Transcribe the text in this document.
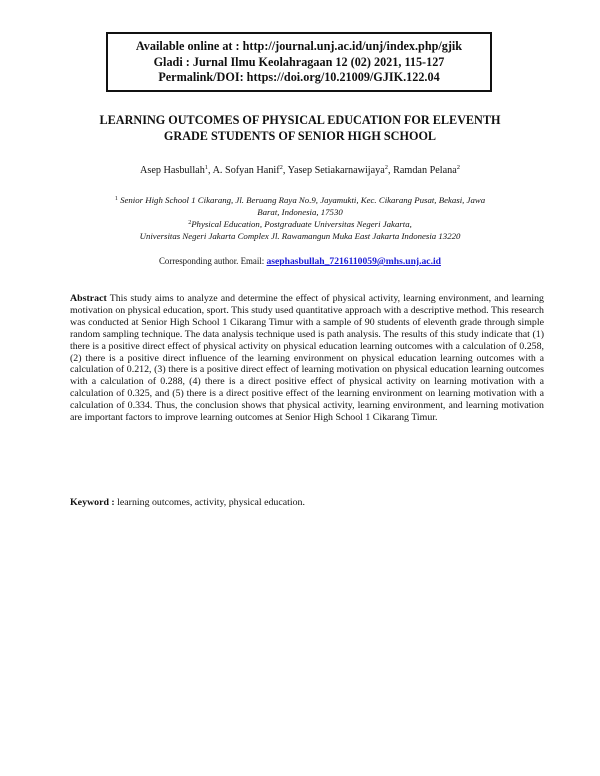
Available online at : http://journal.unj.ac.id/unj/index.php/gjik
Gladi : Jurnal Ilmu Keolahragaan 12 (02) 2021, 115-127
Permalink/DOI: https://doi.org/10.21009/GJIK.122.04
LEARNING OUTCOMES OF PHYSICAL EDUCATION FOR ELEVENTH
GRADE STUDENTS OF SENIOR HIGH SCHOOL
Asep Hasbullah$^1$, A. Sofyan Hanif$^2$, Yasep Setiakarnawijaya$^2$, Ramdan Pelana$^2$
$^1$ Senior High School 1 Cikarang, Jl. Beruang Raya No.9, Jayamukti, Kec. Cikarang Pusat, Bekasi, Jawa
Barat, Indonesia, 17530
$^2$Physical Education, Postgraduate Universitas Negeri Jakarta,
Universitas Negeri Jakarta Complex Jl. Rawamangun Muka East Jakarta Indonesia 13220
Corresponding author. Email: asephasbullah_7216110059@mhs.unj.ac.id
Abstract This study aims to analyze and determine the effect of physical activity, learning environment, and learning motivation on physical education, sport. This study used quantitative approach with a descriptive method. This research was conducted at Senior High School 1 Cikarang Timur with a sample of 90 students of eleventh grade through simple random sampling technique. The data analysis technique used is path analysis. The results of this study indicate that (1) there is a positive direct effect of physical activity on physical education learning outcomes with a calculation of 0.258, (2) there is a positive direct influence of the learning environment on physical education learning outcomes with a calculation of 0.212, (3) there is a positive direct effect of learning motivation on physical education learning outcomes with a calculation of 0.288, (4) there is a direct positive effect of physical activity on learning motivation with a calculation of 0.325, and (5) there is a direct positive effect of the learning environment on learning motivation with a calculation of 0.334. Thus, the conclusion shows that physical activity, learning environment, and learning motivation are important factors to improve learning outcomes at Senior High School 1 Cikarang Timur.
Keyword : learning outcomes, activity, physical education.
